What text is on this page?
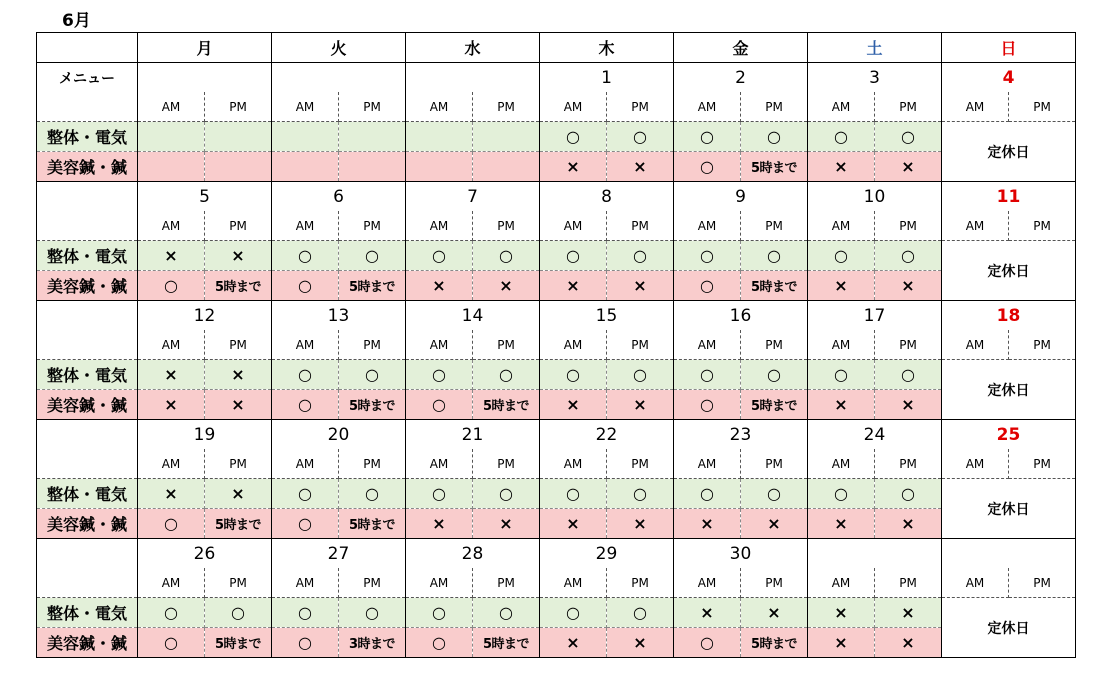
6月
	月		火		水		木		金		土		日	
メニュー							1		2		3		4	
	AM	PM	AM	PM	AM	PM	AM	PM	AM	PM	AM	PM	AM	PM
整体・電気							○	○	○	○	○	○	定休日	
美容鍼・鍼							×	×	○	5時まで	×	×		
	5		6		7		8		9		10		11	
	AM	PM	AM	PM	AM	PM	AM	PM	AM	PM	AM	PM	AM	PM
整体・電気	×	×	○	○	○	○	○	○	○	○	○	○	定休日	
美容鍼・鍼	○	5時まで	○	5時まで	×	×	×	×	○	5時まで	×	×		
	12		13		14		15		16		17		18	
	AM	PM	AM	PM	AM	PM	AM	PM	AM	PM	AM	PM	AM	PM
整体・電気	×	×	○	○	○	○	○	○	○	○	○	○	定休日	
美容鍼・鍼	×	×	○	5時まで	○	5時まで	×	×	○	5時まで	×	×		
	19		20		21		22		23		24		25	
	AM	PM	AM	PM	AM	PM	AM	PM	AM	PM	AM	PM	AM	PM
整体・電気	×	×	○	○	○	○	○	○	○	○	○	○	定休日	
美容鍼・鍼	○	5時まで	○	5時まで	×	×	×	×	×	×	×	×		
	26		27		28		29		30					
	AM	PM	AM	PM	AM	PM	AM	PM	AM	PM	AM	PM	AM	PM
整体・電気	○	○	○	○	○	○	○	○	×	×	×	×	定休日	
美容鍼・鍼	○	5時まで	○	3時まで	○	5時まで	×	×	○	5時まで	×	×		
